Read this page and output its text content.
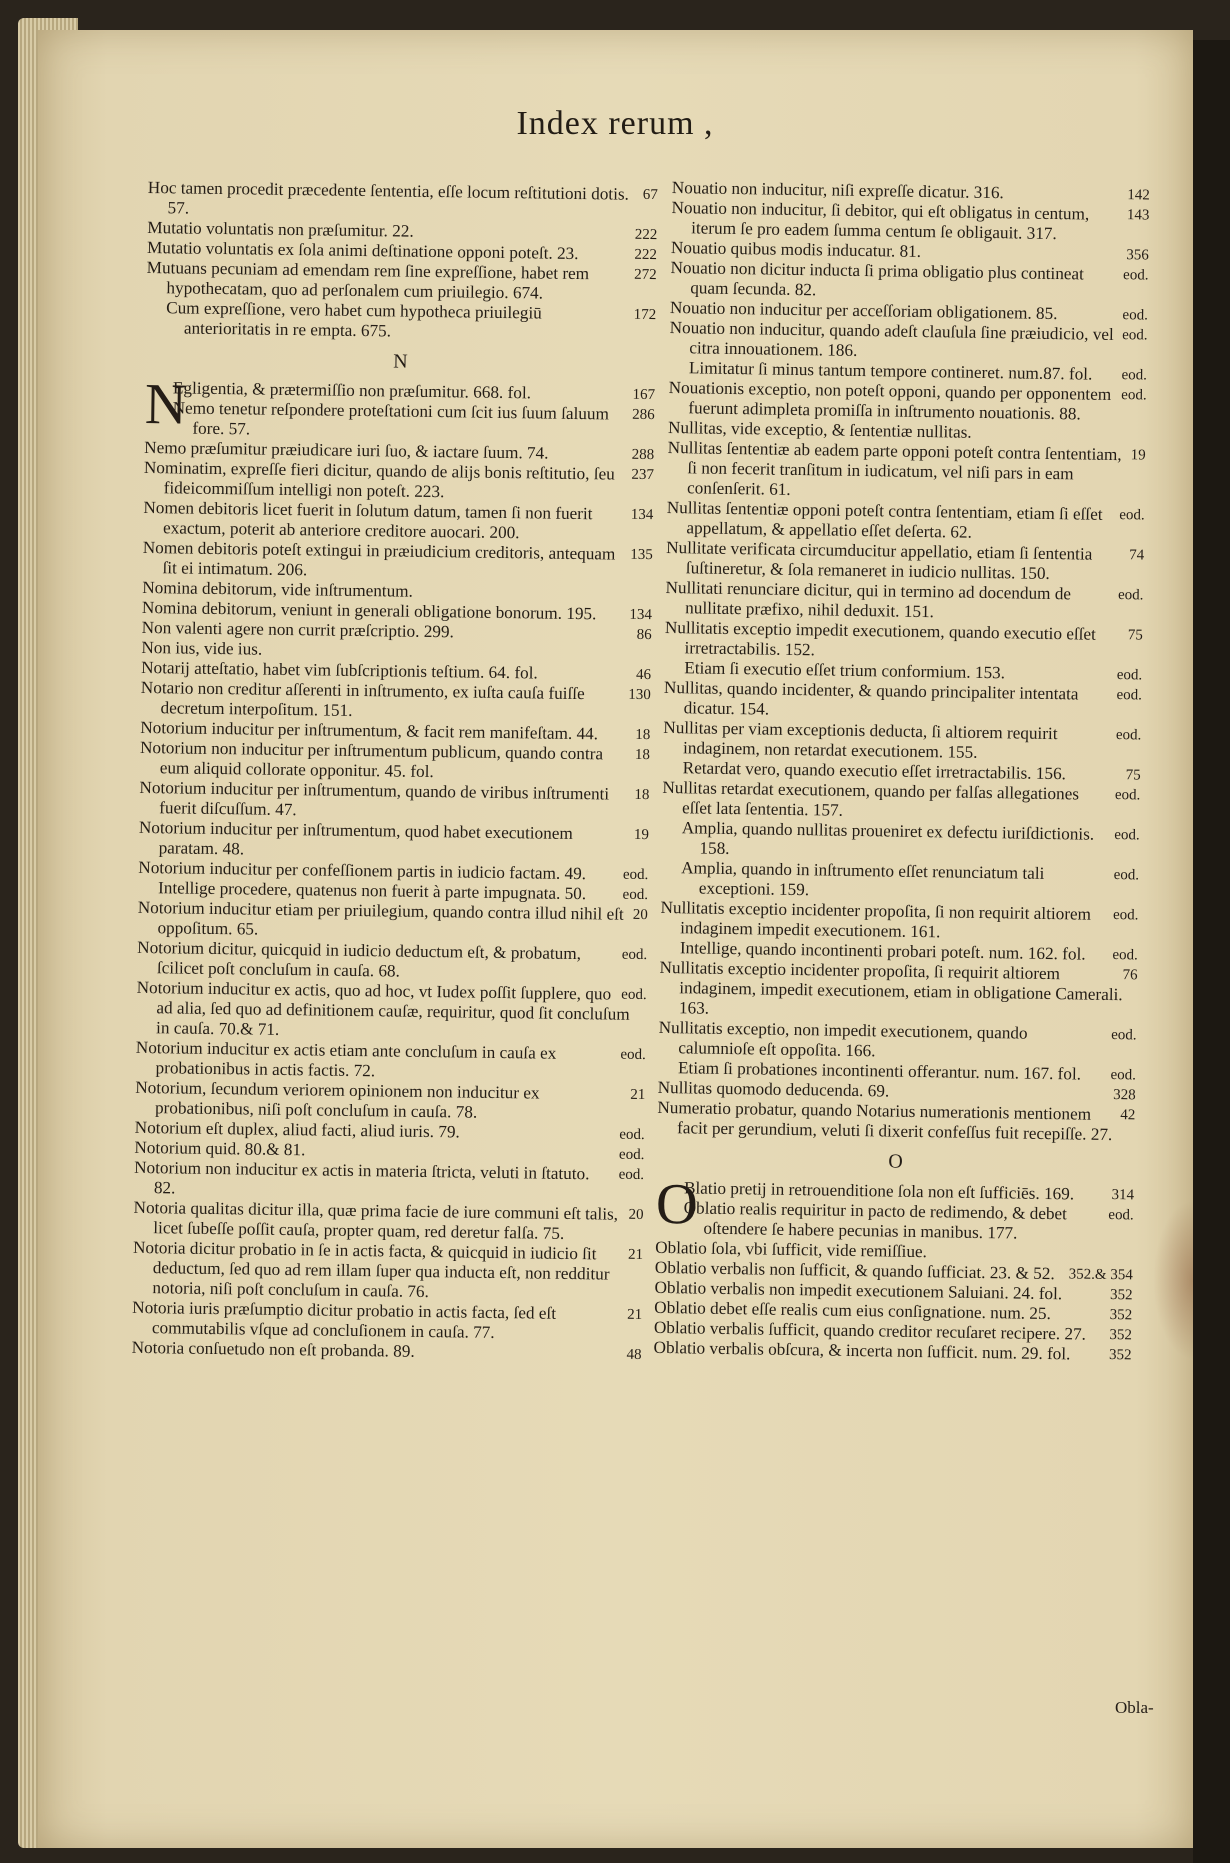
Index rerum ,

67
Hoc tamen procedit præcedente ſententia, eſſe locum reſtitutioni dotis. 57.

222
Mutatio voluntatis non præſumitur. 22.

222
Mutatio voluntatis ex ſola animi deſtinatione opponi poteſt. 23.

272
Mutuans pecuniam ad emendam rem ſine expreſſione, habet rem hypothecatam, quo ad perſonalem cum priuilegio. 674.

172
Cum expreſſione, vero habet cum hypotheca priuilegiū anterioritatis in re empta. 675.

N

167
N
Egligentia, & prætermiſſio non præſumitur. 668. fol.

286
Nemo tenetur reſpondere proteſtationi cum ſcit ius ſuum ſaluum fore. 57.

288
Nemo præſumitur præiudicare iuri ſuo, & iactare ſuum. 74.

237
Nominatim, expreſſe fieri dicitur, quando de alijs bonis reſtitutio, ſeu fideicommiſſum intelligi non poteſt. 223.

134
Nomen debitoris licet fuerit in ſolutum datum, tamen ſi non fuerit exactum, poterit ab anteriore creditore auocari. 200.

135
Nomen debitoris poteſt extingui in præiudicium creditoris, antequam ſit ei intimatum. 206.

Nomina debitorum, vide inſtrumentum.

134
Nomina debitorum, veniunt in generali obligatione bonorum. 195.

86
Non valenti agere non currit præſcriptio. 299.

Non ius, vide ius.

46
Notarij atteſtatio, habet vim ſubſcriptionis teſtium. 64. fol.

130
Notario non creditur aſſerenti in inſtrumento, ex iuſta cauſa fuiſſe decretum interpoſitum. 151.

18
Notorium inducitur per inſtrumentum, & facit rem manifeſtam. 44.

18
Notorium non inducitur per inſtrumentum publicum, quando contra eum aliquid collorate opponitur. 45. fol.

18
Notorium inducitur per inſtrumentum, quando de viribus inſtrumenti fuerit diſcuſſum. 47.

19
Notorium inducitur per inſtrumentum, quod habet executionem paratam. 48.

eod.
Notorium inducitur per confeſſionem partis in iudicio factam. 49.

eod.
Intellige procedere, quatenus non fuerit à parte impugnata. 50.

20
Notorium inducitur etiam per priuilegium, quando contra illud nihil eſt oppoſitum. 65.

eod.
Notorium dicitur, quicquid in iudicio deductum eſt, & probatum, ſcilicet poſt concluſum in cauſa. 68.

eod.
Notorium inducitur ex actis, quo ad hoc, vt Iudex poſſit ſupplere, quo ad alia, ſed quo ad definitionem cauſæ, requiritur, quod ſit concluſum in cauſa. 70.& 71.

eod.
Notorium inducitur ex actis etiam ante concluſum in cauſa ex probationibus in actis factis. 72.

21
Notorium, ſecundum veriorem opinionem non inducitur ex probationibus, niſi poſt concluſum in cauſa. 78.

eod.
Notorium eſt duplex, aliud facti, aliud iuris. 79.

eod.
Notorium quid. 80.& 81.

eod.
Notorium non inducitur ex actis in materia ſtricta, veluti in ſtatuto. 82.

20
Notoria qualitas dicitur illa, quæ prima facie de iure communi eſt talis, licet ſubeſſe poſſit cauſa, propter quam, red deretur falſa. 75.

21
Notoria dicitur probatio in ſe in actis facta, & quicquid in iudicio ſit deductum, ſed quo ad rem illam ſuper qua inducta eſt, non redditur notoria, niſi poſt concluſum in cauſa. 76.

21
Notoria iuris præſumptio dicitur probatio in actis facta, ſed eſt commutabilis vſque ad concluſionem in cauſa. 77.

48
Notoria conſuetudo non eſt probanda. 89.

142
Nouatio non inducitur, niſi expreſſe dicatur. 316.

143
Nouatio non inducitur, ſi debitor, qui eſt obligatus in centum, iterum ſe pro eadem ſumma centum ſe obligauit. 317.

356
Nouatio quibus modis inducatur. 81.

eod.
Nouatio non dicitur inducta ſi prima obligatio plus contineat quam ſecunda. 82.

eod.
Nouatio non inducitur per acceſſoriam obligationem. 85.

eod.
Nouatio non inducitur, quando adeſt clauſula ſine præiudicio, vel citra innouationem. 186.

eod.
Limitatur ſi minus tantum tempore contineret. num.87. fol.

eod.
Nouationis exceptio, non poteſt opponi, quando per opponentem fuerunt adimpleta promiſſa in inſtrumento nouationis. 88.

Nullitas, vide exceptio, & ſententiæ nullitas.

19
Nullitas ſententiæ ab eadem parte opponi poteſt contra ſententiam, ſi non fecerit tranſitum in iudicatum, vel niſi pars in eam conſenſerit. 61.

eod.
Nullitas ſententiæ opponi poteſt contra ſententiam, etiam ſi eſſet appellatum, & appellatio eſſet deſerta. 62.

74
Nullitate verificata circumducitur appellatio, etiam ſi ſententia ſuſtineretur, & ſola remaneret in iudicio nullitas. 150.

eod.
Nullitati renunciare dicitur, qui in termino ad docendum de nullitate præfixo, nihil deduxit. 151.

75
Nullitatis exceptio impedit executionem, quando executio eſſet irretractabilis. 152.

eod.
Etiam ſi executio eſſet trium conformium. 153.

eod.
Nullitas, quando incidenter, & quando principaliter intentata dicatur. 154.

eod.
Nullitas per viam exceptionis deducta, ſi altiorem requirit indaginem, non retardat executionem. 155.

75
Retardat vero, quando executio eſſet irretractabilis. 156.

eod.
Nullitas retardat executionem, quando per falſas allegationes eſſet lata ſententia. 157.

eod.
Amplia, quando nullitas proueniret ex defectu iuriſdictionis. 158.

eod.
Amplia, quando in inſtrumento eſſet renunciatum tali exceptioni. 159.

eod.
Nullitatis exceptio incidenter propoſita, ſi non requirit altiorem indaginem impedit executionem. 161.

eod.
Intellige, quando incontinenti probari poteſt. num. 162. fol.

76
Nullitatis exceptio incidenter propoſita, ſi requirit altiorem indaginem, impedit executionem, etiam in obligatione Camerali. 163.

eod.
Nullitatis exceptio, non impedit executionem, quando calumnioſe eſt oppoſita. 166.

eod.
Etiam ſi probationes incontinenti offerantur. num. 167. fol.

328
Nullitas quomodo deducenda. 69.

42
Numeratio probatur, quando Notarius numerationis mentionem facit per gerundium, veluti ſi dixerit confeſſus fuit recepiſſe. 27.

O

314
O
Blatio pretij in retrouenditione ſola non eſt ſufficiēs. 169.

eod.
Oblatio realis requiritur in pacto de redimendo, & debet oſtendere ſe habere pecunias in manibus. 177.

Oblatio ſola, vbi ſufficit, vide remiſſiue.

352.& 354
Oblatio verbalis non ſufficit, & quando ſufficiat. 23. & 52.

352
Oblatio verbalis non impedit executionem Saluiani. 24. fol.

352
Oblatio debet eſſe realis cum eius conſignatione. num. 25.

352
Oblatio verbalis ſufficit, quando creditor recuſaret recipere. 27.

352
Oblatio verbalis obſcura, & incerta non ſufficit. num. 29. fol.

Obla-
